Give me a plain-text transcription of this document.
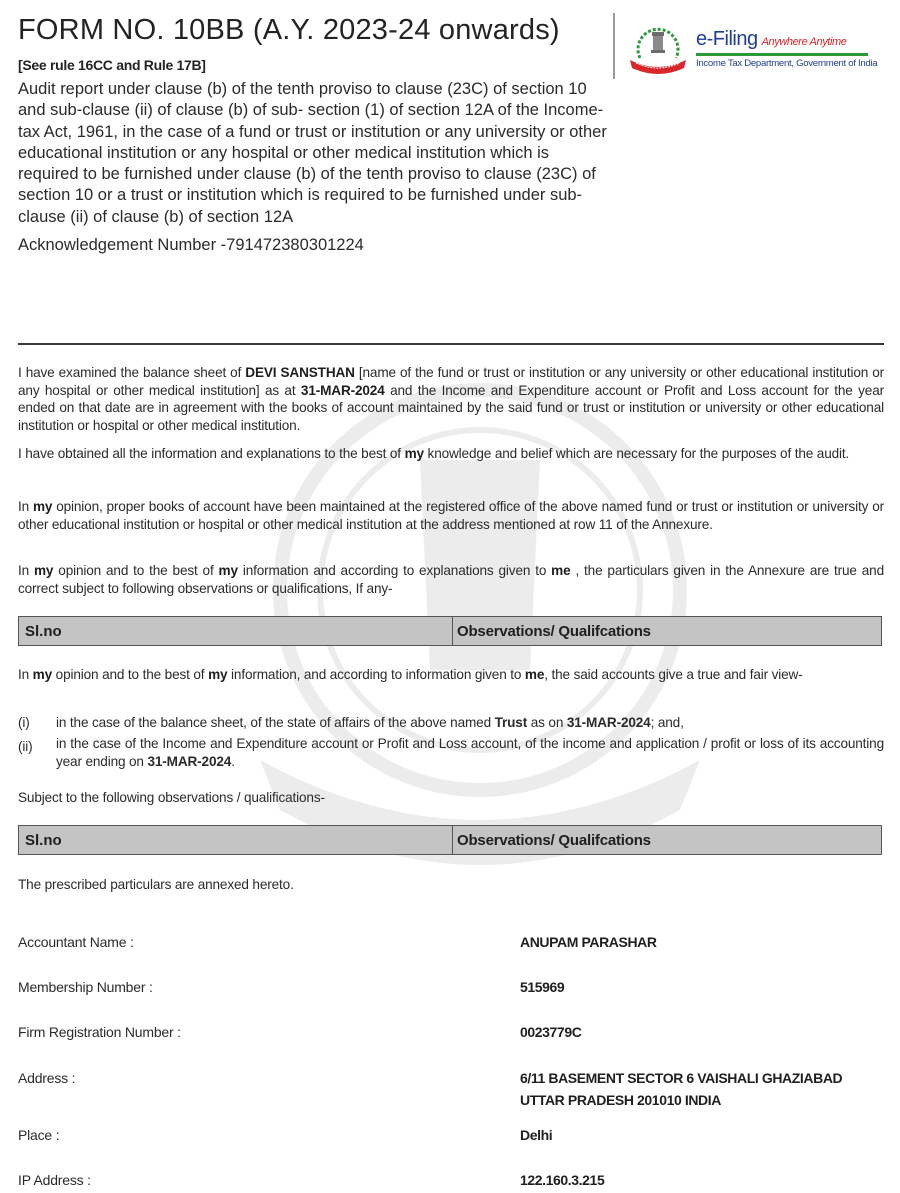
FORM NO. 10BB (A.Y. 2023-24 onwards)
[See rule 16CC and Rule 17B]
Audit report under clause (b) of the tenth proviso to clause (23C) of section 10 and sub-clause (ii) of clause (b) of sub- section (1) of section 12A of the Income-tax Act, 1961, in the case of a fund or trust or institution or any university or other educational institution or any hospital or other medical institution which is required to be furnished under clause (b) of the tenth proviso to clause (23C) of section 10 or a trust or institution which is required to be furnished under sub-clause (ii) of clause (b) of section 12A
Acknowledgement Number -791472380301224
e-Filing Anywhere Anytime
Income Tax Department, Government of India
I have examined the balance sheet of DEVI SANSTHAN [name of the fund or trust or institution or any university or other educational institution or any hospital or other medical institution] as at 31-MAR-2024 and the Income and Expenditure account or Profit and Loss account for the year ended on that date are in agreement with the books of account maintained by the said fund or trust or institution or university or other educational institution or hospital or other medical institution.
I have obtained all the information and explanations to the best of my knowledge and belief which are necessary for the purposes of the audit.
In my opinion, proper books of account have been maintained at the registered office of the above named fund or trust or institution or university or other educational institution or hospital or other medical institution at the address mentioned at row 11 of the Annexure.
In my opinion and to the best of my information and according to explanations given to me , the particulars given in the Annexure are true and correct subject to following observations or qualifications, If any-
Sl.no	Observations/ Qualifcations
In my opinion and to the best of my information, and according to information given to me, the said accounts give a true and fair view-
(i)	in the case of the balance sheet, of the state of affairs of the above named Trust as on 31-MAR-2024; and,
(ii)	in the case of the Income and Expenditure account or Profit and Loss account, of the income and application / profit or loss of its accounting year ending on 31-MAR-2024.
Subject to the following observations / qualifications-
Sl.no	Observations/ Qualifcations
The prescribed particulars are annexed hereto.
Accountant Name :	ANUPAM PARASHAR
Membership Number :	515969
Firm Registration Number :	0023779C
Address :	6/11 BASEMENT SECTOR 6 VAISHALI GHAZIABAD
UTTAR PRADESH 201010 INDIA
Place :	Delhi
IP Address :	122.160.3.215
